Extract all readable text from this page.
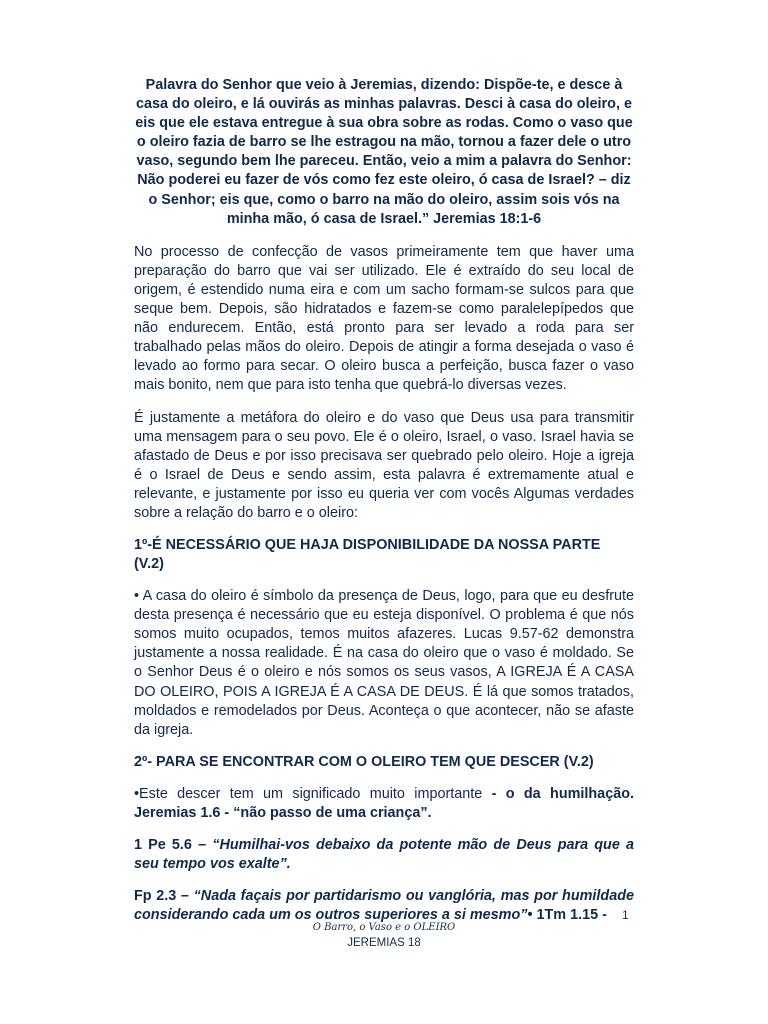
Palavra do Senhor que veio à Jeremias, dizendo: Dispõe-te, e desce à casa do oleiro, e lá ouvirás as minhas palavras. Desci à casa do oleiro, e eis que ele estava entregue à sua obra sobre as rodas. Como o vaso que o oleiro fazia de barro se lhe estragou na mão, tornou a fazer dele o utro vaso, segundo bem lhe pareceu. Então, veio a mim a palavra do Senhor: Não poderei eu fazer de vós como fez este oleiro, ó casa de Israel? – diz o Senhor; eis que, como o barro na mão do oleiro, assim sois vós na minha mão, ó casa de Israel.” Jeremias 18:1-6

No processo de confecção de vasos primeiramente tem que haver uma preparação do barro que vai ser utilizado. Ele é extraído do seu local de origem, é estendido numa eira e com um sacho formam-se sulcos para que seque bem. Depois, são hidratados e fazem-se como paralelepípedos que não endurecem. Então, está pronto para ser levado a roda para ser trabalhado pelas mãos do oleiro. Depois de atingir a forma desejada o vaso é levado ao formo para secar. O oleiro busca a perfeição, busca fazer o vaso mais bonito, nem que para isto tenha que quebrá-lo diversas vezes.

É justamente a metáfora do oleiro e do vaso que Deus usa para transmitir uma mensagem para o seu povo. Ele é o oleiro, Israel, o vaso. Israel havia se afastado de Deus e por isso precisava ser quebrado pelo oleiro. Hoje a igreja é o Israel de Deus e sendo assim, esta palavra é extremamente atual e relevante, e justamente por isso eu queria ver com vocês Algumas verdades sobre a relação do barro e o oleiro:

1º-É NECESSÁRIO QUE HAJA DISPONIBILIDADE DA NOSSA PARTE (V.2)

• A casa do oleiro é símbolo da presença de Deus, logo, para que eu desfrute desta presença é necessário que eu esteja disponível. O problema é que nós somos muito ocupados, temos muitos afazeres. Lucas 9.57-62 demonstra justamente a nossa realidade. É na casa do oleiro que o vaso é moldado. Se o Senhor Deus é o oleiro e nós somos os seus vasos, A IGREJA É A CASA DO OLEIRO, POIS A IGREJA É A CASA DE DEUS. É lá que somos tratados, moldados e remodelados por Deus. Aconteça o que acontecer, não se afaste da igreja.

2º- PARA SE ENCONTRAR COM O OLEIRO TEM QUE DESCER (V.2)

•Este descer tem um significado muito importante - o da humilhação. Jeremias 1.6 - “não passo de uma criança”.

1 Pe 5.6 – “Humilhai-vos debaixo da potente mão de Deus para que a seu tempo vos exalte”.

Fp 2.3 – “Nada façais por partidarismo ou vanglória, mas por humildade considerando cada um os outros superiores a si mesmo”• 1Tm 1.15 -	1
O Barro, o Vaso e o OLEIRO
JEREMIAS 18
